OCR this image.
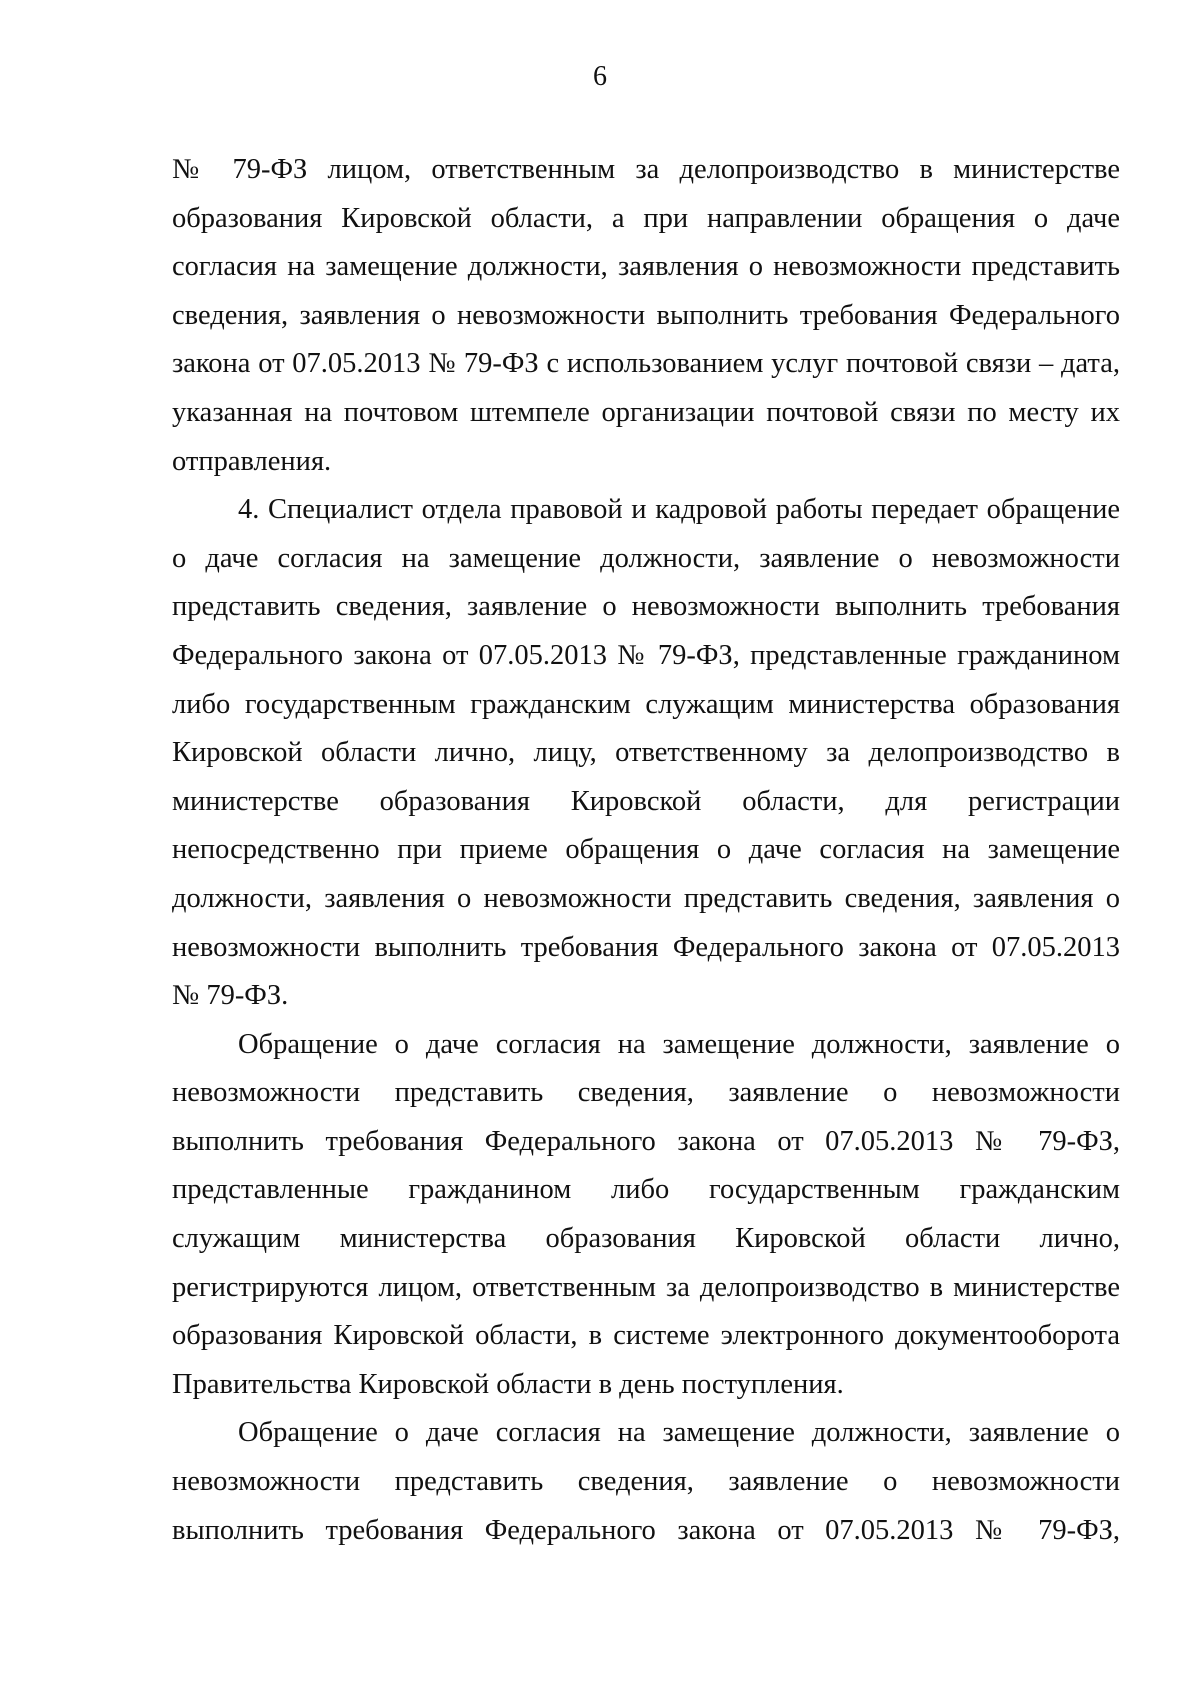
6
№ 79-ФЗ лицом, ответственным за делопроизводство в министерстве
образования Кировской области, а при направлении обращения о даче
согласия на замещение должности, заявления о невозможности представить
сведения, заявления о невозможности выполнить требования Федерального
закона от 07.05.2013 № 79-ФЗ с использованием услуг почтовой связи – дата,
указанная на почтовом штемпеле организации почтовой связи по месту их
отправления.
4. Специалист отдела правовой и кадровой работы передает обращение
о даче согласия на замещение должности, заявление о невозможности
представить сведения, заявление о невозможности выполнить требования
Федерального закона от 07.05.2013 № 79-ФЗ, представленные гражданином
либо государственным гражданским служащим министерства образования
Кировской области лично, лицу, ответственному за делопроизводство в
министерстве образования Кировской области, для регистрации
непосредственно при приеме обращения о даче согласия на замещение
должности, заявления о невозможности представить сведения, заявления о
невозможности выполнить требования Федерального закона от 07.05.2013
№ 79-ФЗ.
Обращение о даче согласия на замещение должности, заявление о
невозможности представить сведения, заявление о невозможности
выполнить требования Федерального закона от 07.05.2013 № 79-ФЗ,
представленные гражданином либо государственным гражданским
служащим министерства образования Кировской области лично,
регистрируются лицом, ответственным за делопроизводство в министерстве
образования Кировской области, в системе электронного документооборота
Правительства Кировской области в день поступления.
Обращение о даче согласия на замещение должности, заявление о
невозможности представить сведения, заявление о невозможности
выполнить требования Федерального закона от 07.05.2013 № 79-ФЗ,
